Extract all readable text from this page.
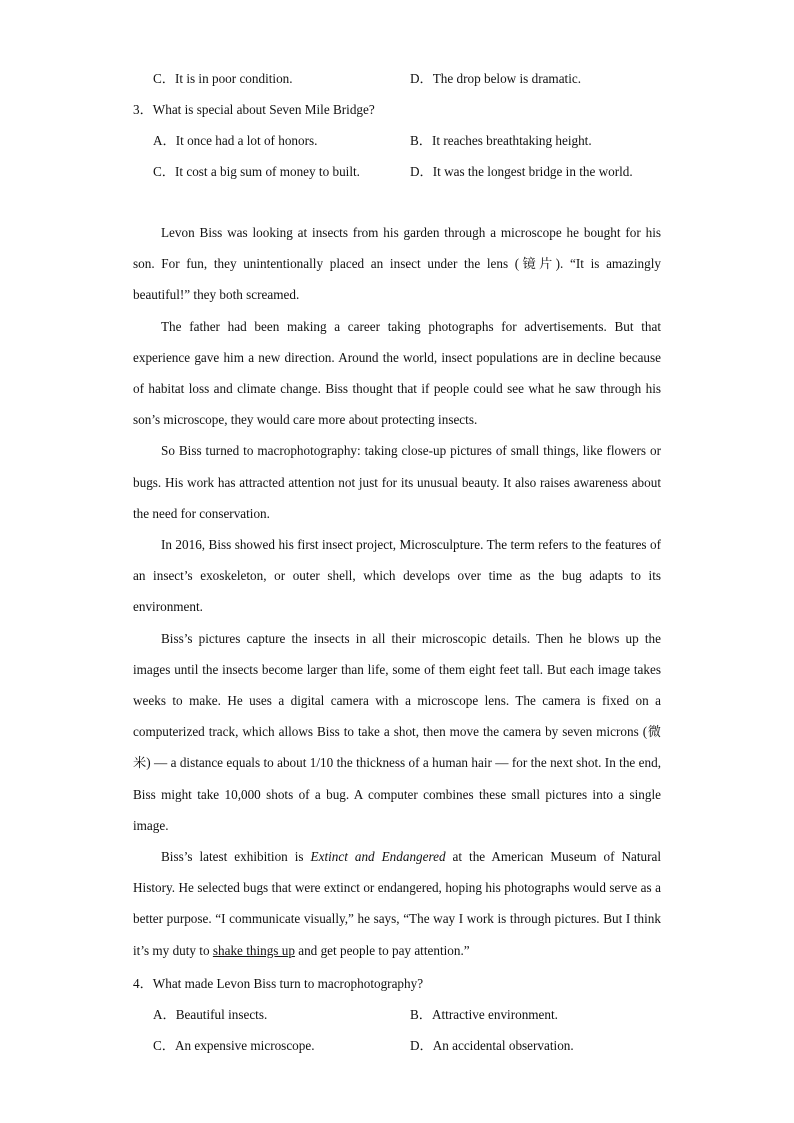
C．It is in poor condition.	D．The drop below is dramatic.
3．What is special about Seven Mile Bridge?
A．It once had a lot of honors.	B．It reaches breathtaking height.
C．It cost a big sum of money to built.	D．It was the longest bridge in the world.

Levon Biss was looking at insects from his garden through a microscope he bought for his son. For fun, they unintentionally placed an insect under the lens (镜片). “It is amazingly beautiful!” they both screamed.

The father had been making a career taking photographs for advertisements. But that experience gave him a new direction. Around the world, insect populations are in decline because of habitat loss and climate change. Biss thought that if people could see what he saw through his son’s microscope, they would care more about protecting insects.

So Biss turned to macrophotography: taking close-up pictures of small things, like flowers or bugs. His work has attracted attention not just for its unusual beauty. It also raises awareness about the need for conservation.

In 2016, Biss showed his first insect project, Microsculpture. The term refers to the features of an insect’s exoskeleton, or outer shell, which develops over time as the bug adapts to its environment.

Biss’s pictures capture the insects in all their microscopic details. Then he blows up the images until the insects become larger than life, some of them eight feet tall. But each image takes weeks to make. He uses a digital camera with a microscope lens. The camera is fixed on a computerized track, which allows Biss to take a shot, then move the camera by seven microns (微米) — a distance equals to about 1/10 the thickness of a human hair — for the next shot. In the end, Biss might take 10,000 shots of a bug. A computer combines these small pictures into a single image.

Biss’s latest exhibition is Extinct and Endangered at the American Museum of Natural History. He selected bugs that were extinct or endangered, hoping his photographs would serve as a better purpose. “I communicate visually,” he says, “The way I work is through pictures. But I think it’s my duty to shake things up and get people to pay attention.”

4．What made Levon Biss turn to macrophotography?
A．Beautiful insects.	B．Attractive environment.
C．An expensive microscope.	D．An accidental observation.
